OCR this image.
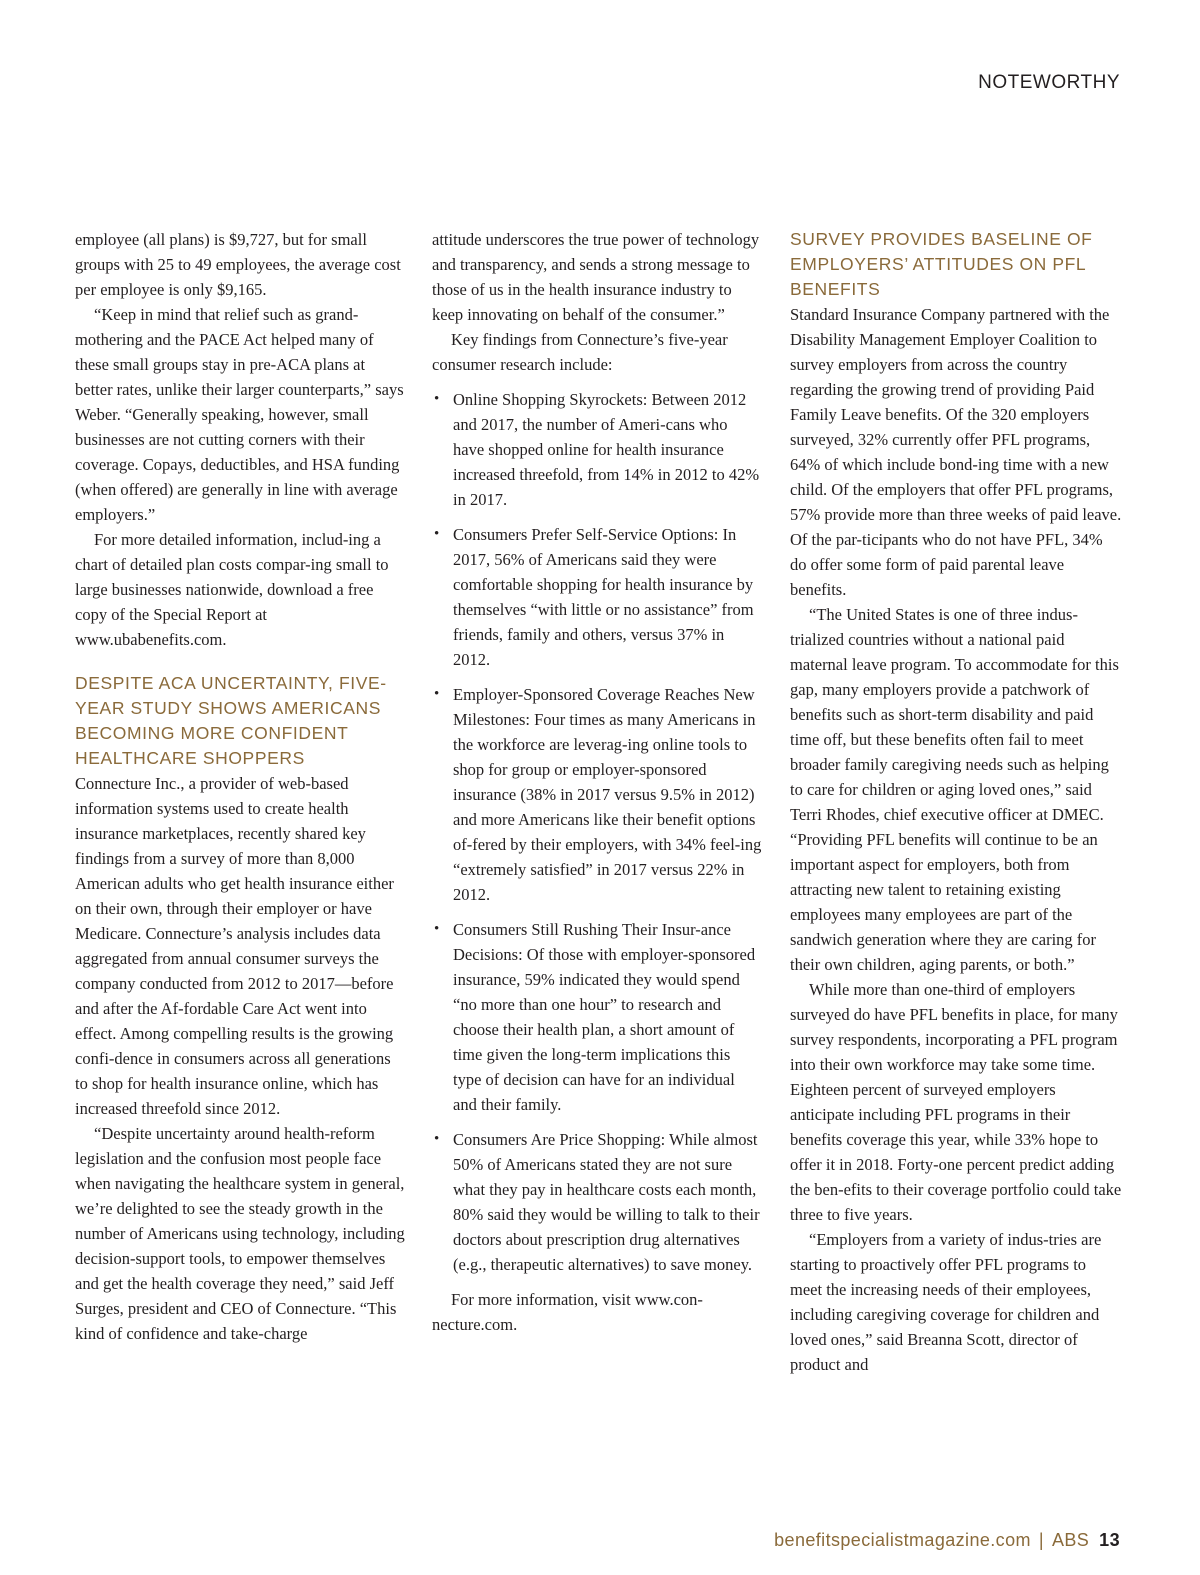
NOTEWORTHY

employee (all plans) is $9,727, but for small groups with 25 to 49 employees, the average cost per employee is only $9,165.

“Keep in mind that relief such as grand-mothering and the PACE Act helped many of these small groups stay in pre-ACA plans at better rates, unlike their larger counterparts,” says Weber. “Generally speaking, however, small businesses are not cutting corners with their coverage. Copays, deductibles, and HSA funding (when offered) are generally in line with average employers.”

For more detailed information, includ-ing a chart of detailed plan costs compar-ing small to large businesses nationwide, download a free copy of the Special Report at www.ubabenefits.com.

DESPITE ACA UNCERTAINTY, FIVE-YEAR STUDY SHOWS AMERICANS BECOMING MORE CONFIDENT HEALTHCARE SHOPPERS

Connecture Inc., a provider of web-based information systems used to create health insurance marketplaces, recently shared key findings from a survey of more than 8,000 American adults who get health insurance either on their own, through their employer or have Medicare. Connecture’s analysis includes data aggregated from annual consumer surveys the company conducted from 2012 to 2017—before and after the Af-fordable Care Act went into effect. Among compelling results is the growing confi-dence in consumers across all generations to shop for health insurance online, which has increased threefold since 2012.

“Despite uncertainty around health-reform legislation and the confusion most people face when navigating the healthcare system in general, we’re delighted to see the steady growth in the number of Americans using technology, including decision-support tools, to empower themselves and get the health coverage they need,” said Jeff Surges, president and CEO of Connecture. “This kind of confidence and take-charge

attitude underscores the true power of technology and transparency, and sends a strong message to those of us in the health insurance industry to keep innovating on behalf of the consumer.”

Key findings from Connecture’s five-year consumer research include:

• Online Shopping Skyrockets: Between 2012 and 2017, the number of Ameri-cans who have shopped online for health insurance increased threefold, from 14% in 2012 to 42% in 2017.
• Consumers Prefer Self-Service Options: In 2017, 56% of Americans said they were comfortable shopping for health insurance by themselves “with little or no assistance” from friends, family and others, versus 37% in 2012.
• Employer-Sponsored Coverage Reaches New Milestones: Four times as many Americans in the workforce are leverag-ing online tools to shop for group or employer-sponsored insurance (38% in 2017 versus 9.5% in 2012) and more Americans like their benefit options of-fered by their employers, with 34% feel-ing “extremely satisfied” in 2017 versus 22% in 2012.
• Consumers Still Rushing Their Insur-ance Decisions: Of those with employer-sponsored insurance, 59% indicated they would spend “no more than one hour” to research and choose their health plan, a short amount of time given the long-term implications this type of decision can have for an individual and their family.
• Consumers Are Price Shopping: While almost 50% of Americans stated they are not sure what they pay in healthcare costs each month, 80% said they would be willing to talk to their doctors about prescription drug alternatives (e.g., therapeutic alternatives) to save money.

For more information, visit www.con-necture.com.

SURVEY PROVIDES BASELINE OF EMPLOYERS’ ATTITUDES ON PFL BENEFITS

Standard Insurance Company partnered with the Disability Management Employer Coalition to survey employers from across the country regarding the growing trend of providing Paid Family Leave benefits. Of the 320 employers surveyed, 32% currently offer PFL programs, 64% of which include bond-ing time with a new child. Of the employers that offer PFL programs, 57% provide more than three weeks of paid leave. Of the par-ticipants who do not have PFL, 34% do offer some form of paid parental leave benefits.

“The United States is one of three indus-trialized countries without a national paid maternal leave program. To accommodate for this gap, many employers provide a patchwork of benefits such as short-term disability and paid time off, but these benefits often fail to meet broader family caregiving needs such as helping to care for children or aging loved ones,” said Terri Rhodes, chief executive officer at DMEC. “Providing PFL benefits will continue to be an important aspect for employers, both from attracting new talent to retaining existing employees many employees are part of the sandwich generation where they are caring for their own children, aging parents, or both.”

While more than one-third of employers surveyed do have PFL benefits in place, for many survey respondents, incorporating a PFL program into their own workforce may take some time. Eighteen percent of surveyed employers anticipate including PFL programs in their benefits coverage this year, while 33% hope to offer it in 2018. Forty-one percent predict adding the ben-efits to their coverage portfolio could take three to five years.

“Employers from a variety of indus-tries are starting to proactively offer PFL programs to meet the increasing needs of their employees, including caregiving coverage for children and loved ones,” said Breanna Scott, director of product and

benefitspecialistmagazine.com | ABS 13
